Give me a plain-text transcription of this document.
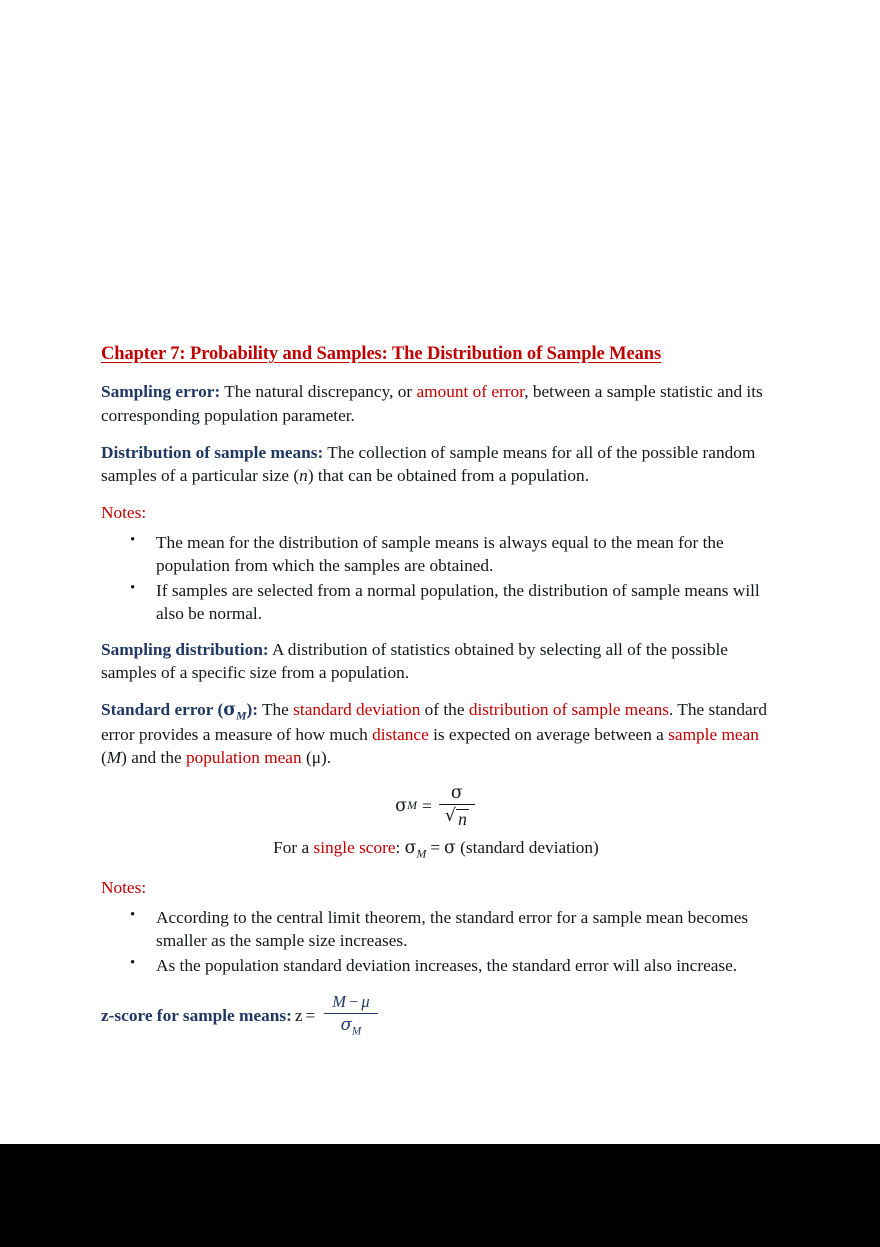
Chapter 7: Probability and Samples: The Distribution of Sample Means

Sampling error: The natural discrepancy, or amount of error, between a sample statistic and its corresponding population parameter.

Distribution of sample means: The collection of sample means for all of the possible random samples of a particular size (n) that can be obtained from a population.

Notes:

• The mean for the distribution of sample means is always equal to the mean for the population from which the samples are obtained.
• If samples are selected from a normal population, the distribution of sample means will also be normal.

Sampling distribution: A distribution of statistics obtained by selecting all of the possible samples of a specific size from a population.

Standard error $(\sigma_M)$: The standard deviation of the distribution of sample means. The standard error provides a measure of how much distance is expected on average between a sample mean (M) and the population mean (μ).

σ $M = \frac{\sigma}{√ n}$
For a single score: $\sigma_M = \sigma$ (standard deviation)

Notes:

• According to the central limit theorem, the standard error for a sample mean becomes smaller as the sample size increases.
• As the population standard deviation increases, the standard error will also increase.
z-score for sample means: $z = \frac{M - \mu}{\sigma_M}$
